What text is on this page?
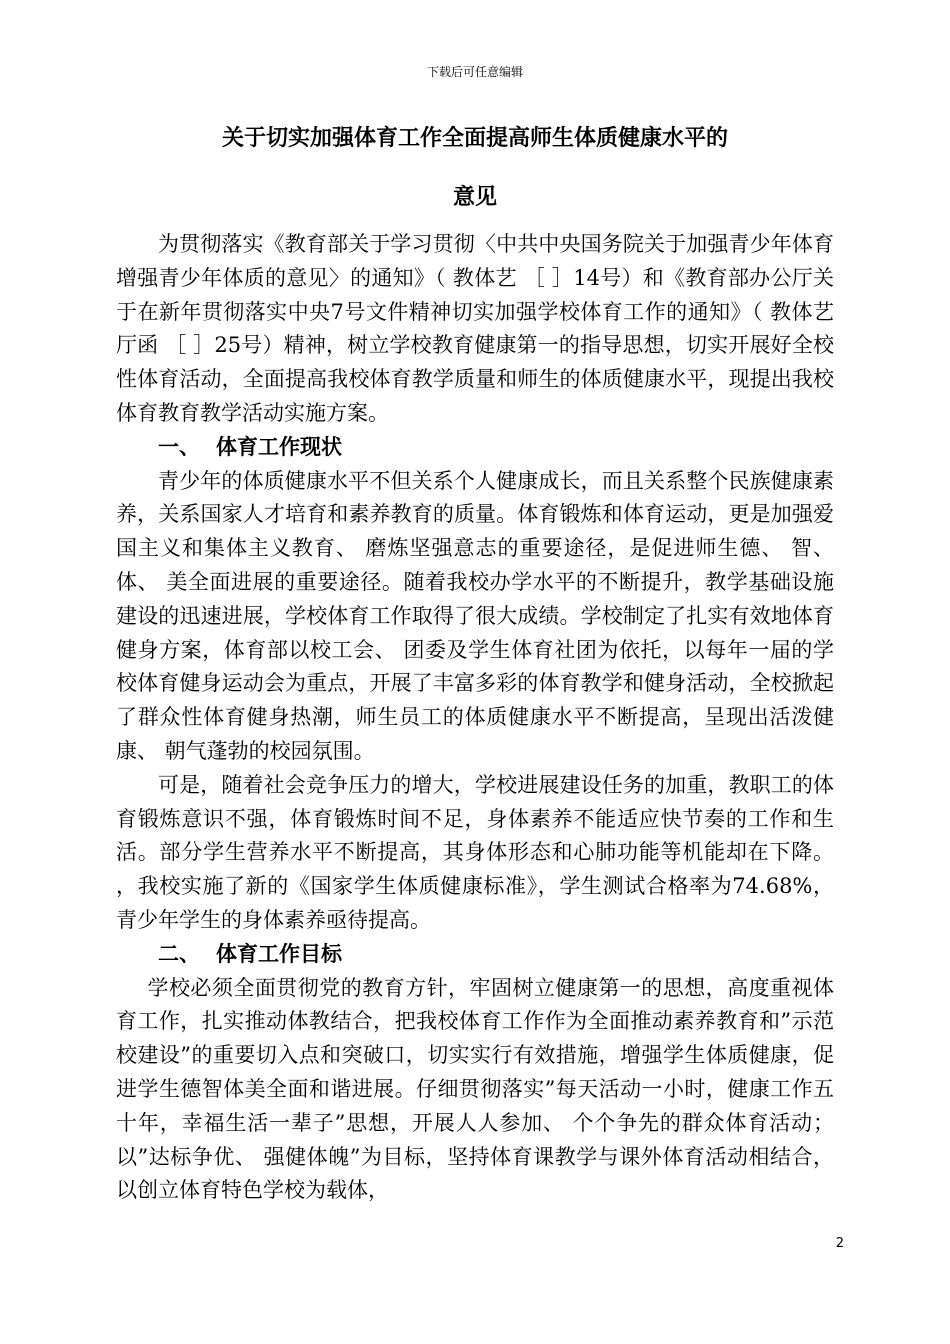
下载后可任意编辑
关于切实加强体育工作全面提高师生体质健康水平的
意见

为贯彻落实《教育部关于学习贯彻〈中共中央国务院关于加强青少年体育增强青少年体质的意见〉的通知》（ 教体艺 ［ ］14号）和《教育部办公厅关于在新年贯彻落实中央7号文件精神切实加强学校体育工作的通知》（ 教体艺厅函 ［ ］25号）精神，树立学校教育健康第一的指导思想，切实开展好全校性体育活动，全面提高我校体育教学质量和师生的体质健康水平，现提出我校体育教育教学活动实施方案。

一、 体育工作现状

青少年的体质健康水平不但关系个人健康成长，而且关系整个民族健康素养，关系国家人才培育和素养教育的质量。体育锻炼和体育运动，更是加强爱国主义和集体主义教育、 磨炼坚强意志的重要途径，是促进师生德、 智、 体、 美全面进展的重要途径。随着我校办学水平的不断提升，教学基础设施建设的迅速进展，学校体育工作取得了很大成绩。学校制定了扎实有效地体育健身方案，体育部以校工会、 团委及学生体育社团为依托，以每年一届的学校体育健身运动会为重点，开展了丰富多彩的体育教学和健身活动，全校掀起了群众性体育健身热潮，师生员工的体质健康水平不断提高，呈现出活泼健康、 朝气蓬勃的校园氛围。

可是，随着社会竞争压力的增大，学校进展建设任务的加重，教职工的体育锻炼意识不强，体育锻炼时间不足，身体素养不能适应快节奏的工作和生活。部分学生营养水平不断提高，其身体形态和心肺功能等机能却在下降。 ，我校实施了新的《国家学生体质健康标准》，学生测试合格率为74.68%，青少年学生的身体素养亟待提高。

二、 体育工作目标

学校必须全面贯彻党的教育方针，牢固树立健康第一的思想，高度重视体育工作，扎实推动体教结合，把我校体育工作作为全面推动素养教育和”示范校建设”的重要切入点和突破口，切实实行有效措施，增强学生体质健康，促进学生德智体美全面和谐进展。仔细贯彻落实”每天活动一小时，健康工作五十年，幸福生活一辈子”思想，开展人人参加、 个个争先的群众体育活动；以”达标争优、 强健体魄”为目标，坚持体育课教学与课外体育活动相结合，以创立体育特色学校为载体，

2
